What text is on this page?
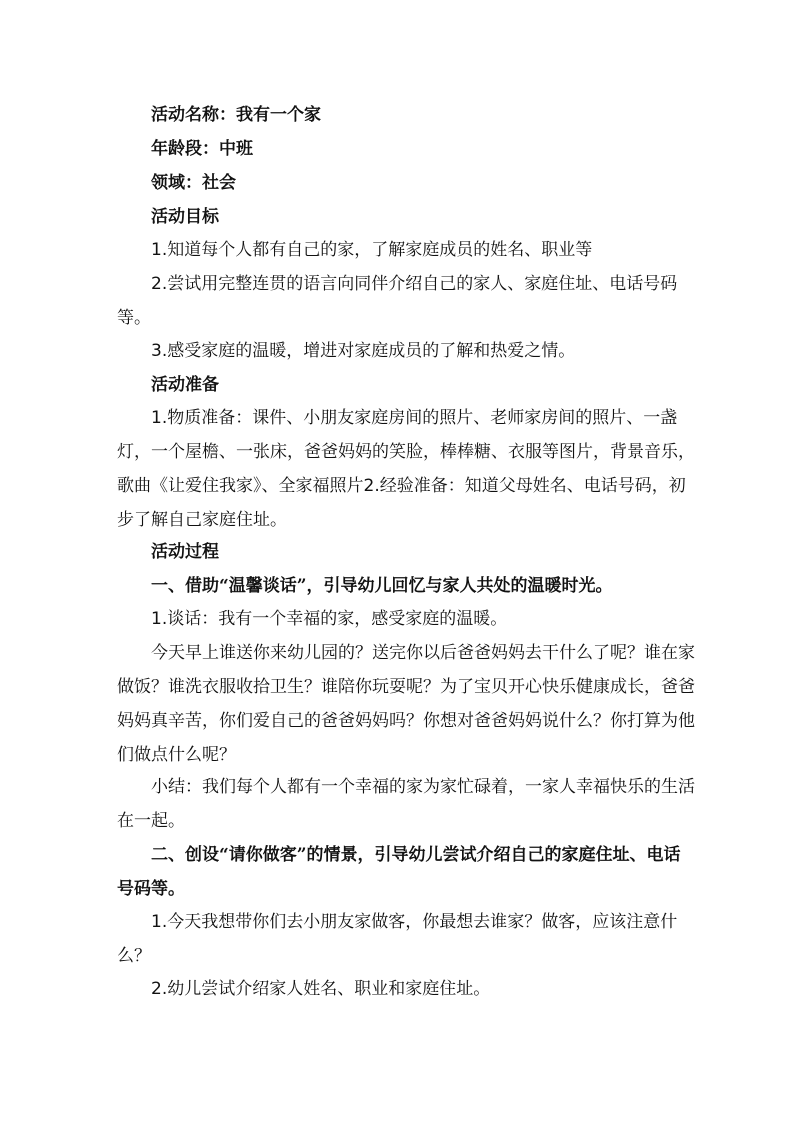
活动名称：我有一个家

年龄段：中班

领域：社会

活动目标

1.知道每个人都有自己的家，了解家庭成员的姓名、职业等

2.尝试用完整连贯的语言向同伴介绍自己的家人、家庭住址、电话号码等。

3.感受家庭的温暖，增进对家庭成员的了解和热爱之情。

活动准备

1.物质准备：课件、小朋友家庭房间的照片、老师家房间的照片、一盏灯，一个屋檐、一张床，爸爸妈妈的笑脸，棒棒糖、衣服等图片，背景音乐，歌曲《让爱住我家》、全家福照片2.经验准备：知道父母姓名、电话号码，初步了解自己家庭住址。

活动过程

一、借助“温馨谈话”，引导幼儿回忆与家人共处的温暖时光。

1.谈话：我有一个幸福的家，感受家庭的温暖。

今天早上谁送你来幼儿园的？送完你以后爸爸妈妈去干什么了呢？谁在家做饭？谁洗衣服收拾卫生？谁陪你玩耍呢？为了宝贝开心快乐健康成长，爸爸妈妈真辛苦，你们爱自己的爸爸妈妈吗？你想对爸爸妈妈说什么？你打算为他们做点什么呢？

小结：我们每个人都有一个幸福的家为家忙碌着，一家人幸福快乐的生活在一起。

二、创设“请你做客”的情景，引导幼儿尝试介绍自己的家庭住址、电话号码等。

1.今天我想带你们去小朋友家做客，你最想去谁家？做客，应该注意什么？

2.幼儿尝试介绍家人姓名、职业和家庭住址。
